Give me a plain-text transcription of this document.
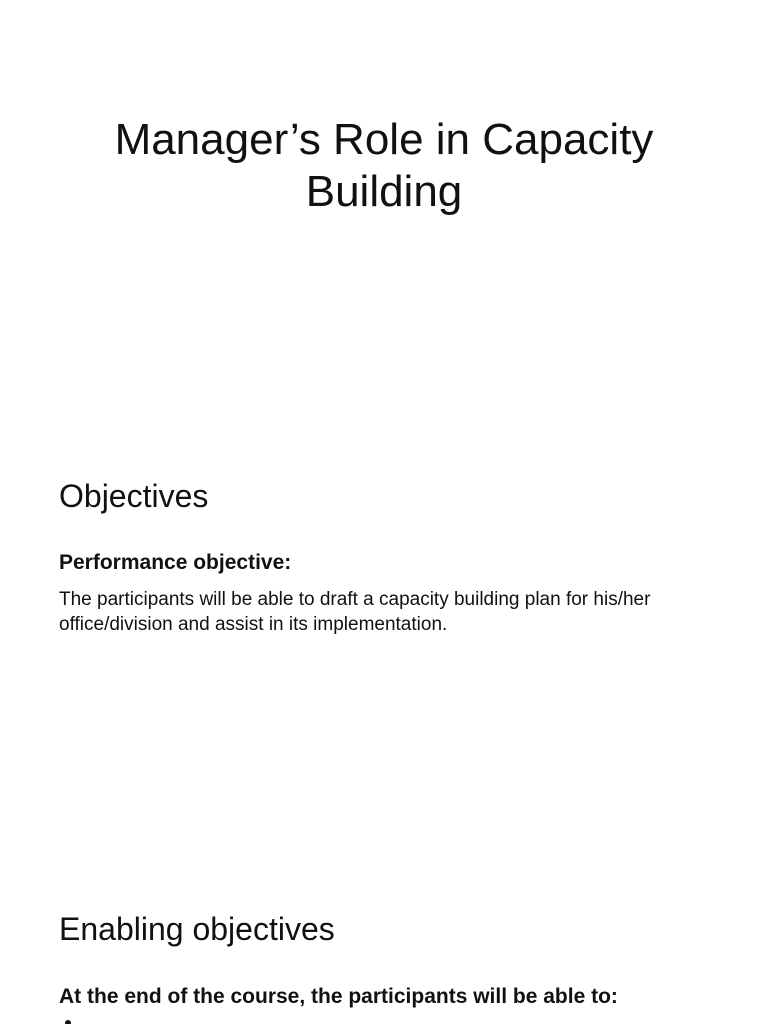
Manager’s Role in Capacity
Building
Objectives
Performance objective:

The participants will be able to draft a capacity building plan for his/her
office/division and assist in its implementation.

Enabling objectives
At the end of the course, the participants will be able to:
